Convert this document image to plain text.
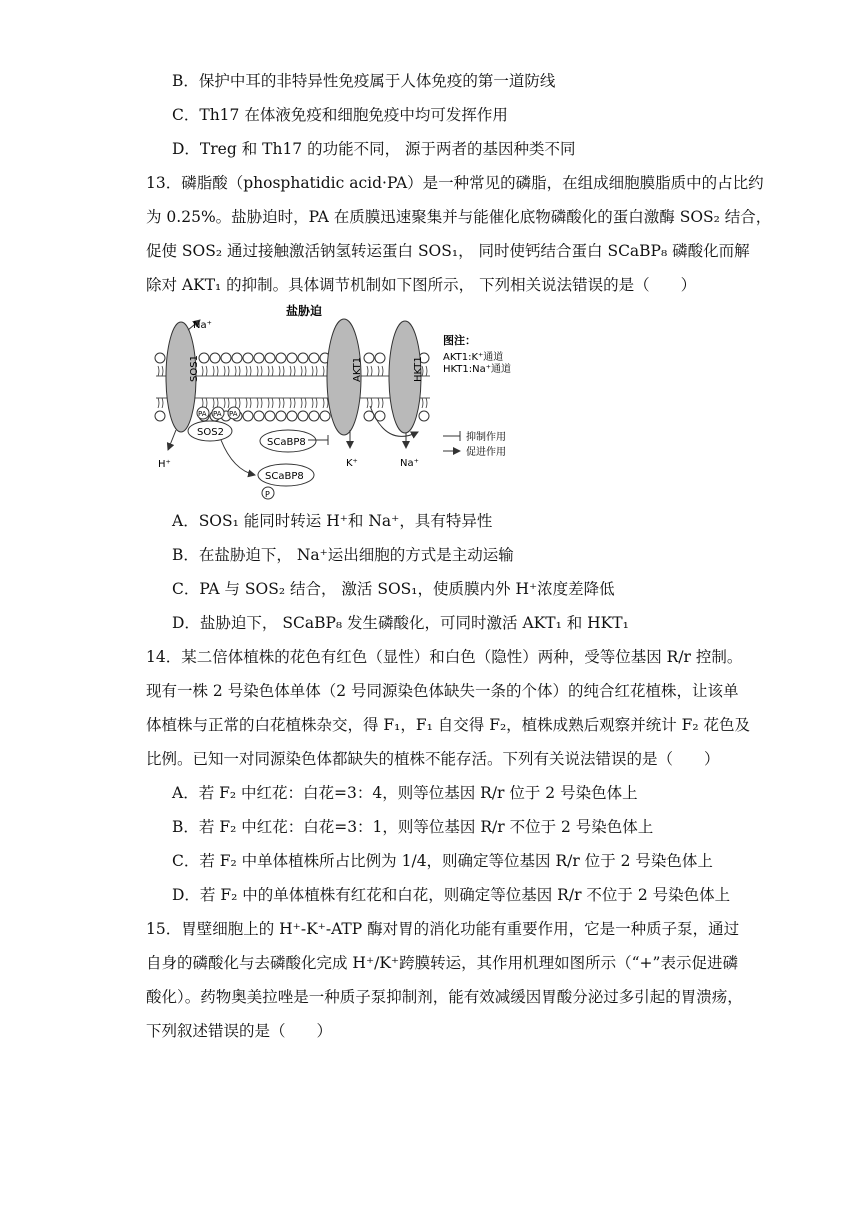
B．保护中耳的非特异性免疫属于人体免疫的第一道防线
C．Th17 在体液免疫和细胞免疫中均可发挥作用
D．Treg 和 Th17 的功能不同， 源于两者的基因种类不同
13．磷脂酸（phosphatidic acid·PA）是一种常见的磷脂，在组成细胞膜脂质中的占比约
为 0.25%。盐胁迫时，PA 在质膜迅速聚集并与能催化底物磷酸化的蛋白激酶 SOS₂ 结合，
促使 SOS₂ 通过接触激活钠氢转运蛋白 SOS₁， 同时使钙结合蛋白 SCaBP₈ 磷酸化而解
除对 AKT₁ 的抑制。具体调节机制如下图所示， 下列相关说法错误的是（　　）
盐胁迫
SOS1	AKT1	HKT1
PA PA PA
SOS2
SCaBP8
SCaBP8
P
Na⁺
H⁺	K⁺	Na⁺
图注：
AKT1:K⁺通道
HKT1:Na⁺通道
抑制作用
促进作用
A．SOS₁ 能同时转运 H⁺和 Na⁺，具有特异性
B．在盐胁迫下， Na⁺运出细胞的方式是主动运输
C．PA 与 SOS₂ 结合， 激活 SOS₁，使质膜内外 H⁺浓度差降低
D．盐胁迫下， SCaBP₈ 发生磷酸化，可同时激活 AKT₁ 和 HKT₁
14．某二倍体植株的花色有红色（显性）和白色（隐性）两种，受等位基因 R/r 控制。
现有一株 2 号染色体单体（2 号同源染色体缺失一条的个体）的纯合红花植株，让该单
体植株与正常的白花植株杂交，得 F₁，F₁ 自交得 F₂，植株成熟后观察并统计 F₂ 花色及
比例。已知一对同源染色体都缺失的植株不能存活。下列有关说法错误的是（　　）
A．若 F₂ 中红花：白花=3：4，则等位基因 R/r 位于 2 号染色体上
B．若 F₂ 中红花：白花=3：1，则等位基因 R/r 不位于 2 号染色体上
C．若 F₂ 中单体植株所占比例为 1/4，则确定等位基因 R/r 位于 2 号染色体上
D．若 F₂ 中的单体植株有红花和白花，则确定等位基因 R/r 不位于 2 号染色体上
15．胃壁细胞上的 H⁺-K⁺-ATP 酶对胃的消化功能有重要作用，它是一种质子泵，通过
自身的磷酸化与去磷酸化完成 H⁺/K⁺跨膜转运，其作用机理如图所示（“+”表示促进磷
酸化）。药物奥美拉唑是一种质子泵抑制剂，能有效减缓因胃酸分泌过多引起的胃溃疡，
下列叙述错误的是（　　）
